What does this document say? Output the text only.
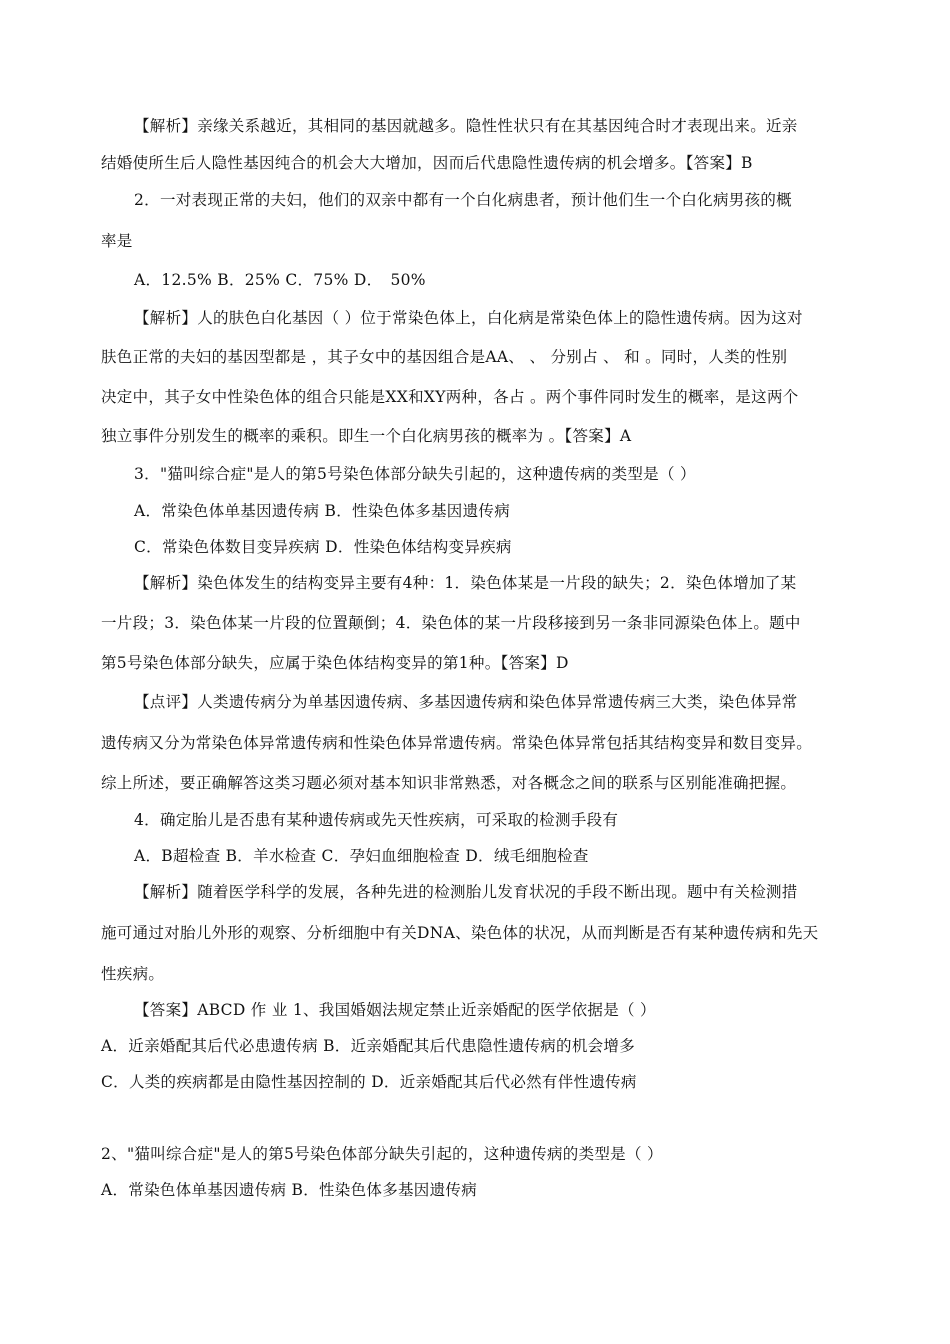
【解析】亲缘关系越近，其相同的基因就越多。隐性性状只有在其基因纯合时才表现出来。近亲
结婚使所生后人隐性基因纯合的机会大大增加，因而后代患隐性遗传病的机会增多。【答案】B
2．一对表现正常的夫妇，他们的双亲中都有一个白化病患者，预计他们生一个白化病男孩的概
率是
A．12.5% B．25% C．75% D．　50%
【解析】人的肤色白化基因（ ）位于常染色体上，白化病是常染色体上的隐性遗传病。因为这对
肤色正常的夫妇的基因型都是 ，其子女中的基因组合是AA、 、 分别占 、 和 。同时，人类的性别
决定中，其子女中性染色体的组合只能是XX和XY两种，各占 。两个事件同时发生的概率，是这两个
独立事件分别发生的概率的乘积。即生一个白化病男孩的概率为 。【答案】A
3．"猫叫综合症"是人的第5号染色体部分缺失引起的，这种遗传病的类型是（ ）
A．常染色体单基因遗传病 B．性染色体多基因遗传病
C．常染色体数目变异疾病 D．性染色体结构变异疾病
【解析】染色体发生的结构变异主要有4种：1．染色体某是一片段的缺失；2．染色体增加了某
一片段；3．染色体某一片段的位置颠倒；4．染色体的某一片段移接到另一条非同源染色体上。题中
第5号染色体部分缺失，应属于染色体结构变异的第1种。【答案】D
【点评】人类遗传病分为单基因遗传病、多基因遗传病和染色体异常遗传病三大类，染色体异常
遗传病又分为常染色体异常遗传病和性染色体异常遗传病。常染色体异常包括其结构变异和数目变异。
综上所述，要正确解答这类习题必须对基本知识非常熟悉，对各概念之间的联系与区别能准确把握。
4．确定胎儿是否患有某种遗传病或先天性疾病，可采取的检测手段有
A．B超检查 B．羊水检查 C．孕妇血细胞检查 D．绒毛细胞检查
【解析】随着医学科学的发展，各种先进的检测胎儿发育状况的手段不断出现。题中有关检测措
施可通过对胎儿外形的观察、分析细胞中有关DNA、染色体的状况，从而判断是否有某种遗传病和先天
性疾病。
【答案】ABCD 作 业 1、我国婚姻法规定禁止近亲婚配的医学依据是（ ）
A．近亲婚配其后代必患遗传病 B．近亲婚配其后代患隐性遗传病的机会增多
C．人类的疾病都是由隐性基因控制的 D．近亲婚配其后代必然有伴性遗传病
2、"猫叫综合症"是人的第5号染色体部分缺失引起的，这种遗传病的类型是（ ）
A．常染色体单基因遗传病 B．性染色体多基因遗传病
